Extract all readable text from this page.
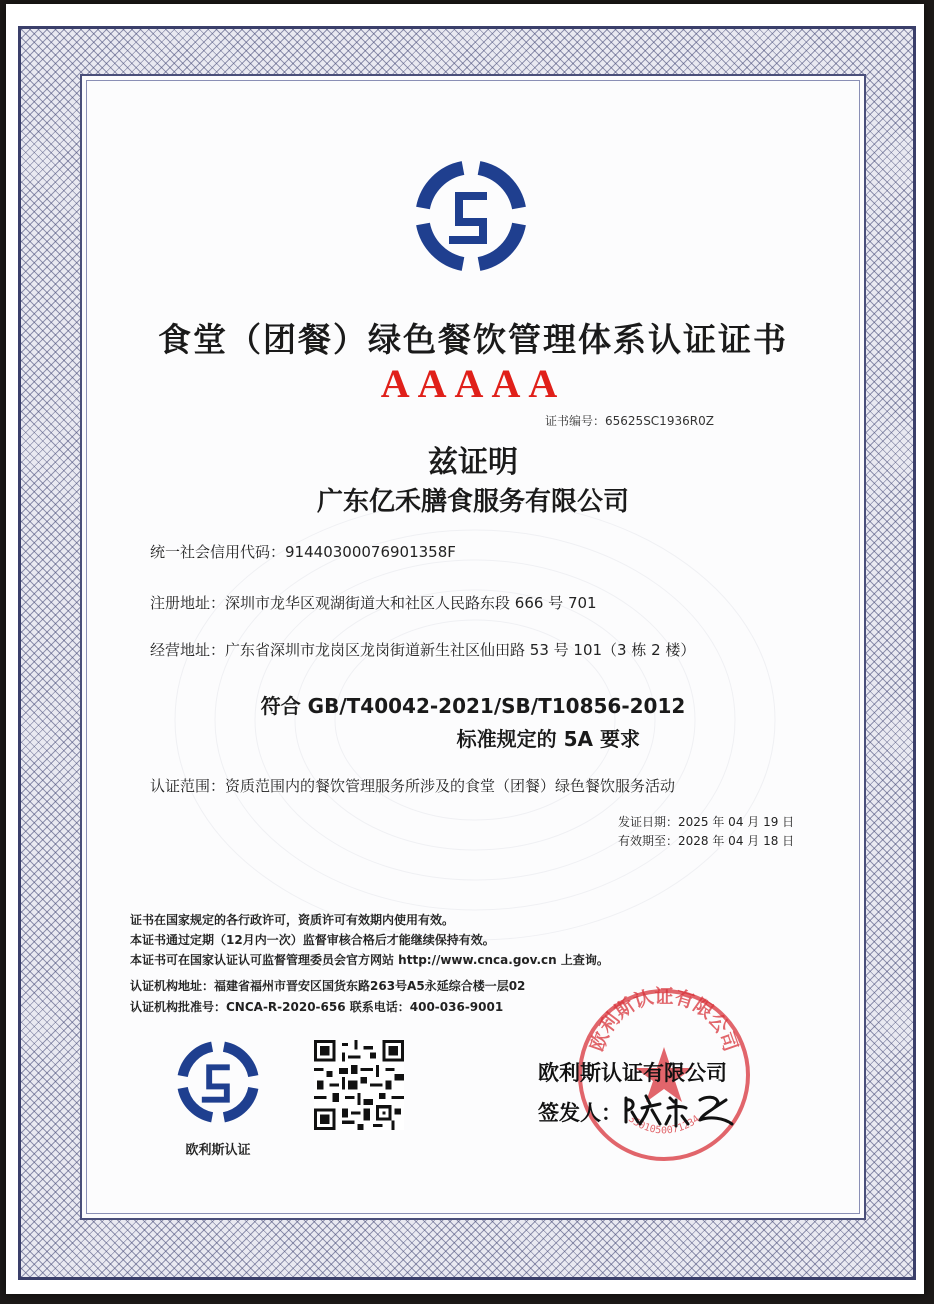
食堂（团餐）绿色餐饮管理体系认证证书
AAAAA
证书编号：65625SC1936R0Z
兹证明
广东亿禾膳食服务有限公司
统一社会信用代码：91440300076901358F
注册地址：深圳市龙华区观湖街道大和社区人民路东段 666 号 701
经营地址：广东省深圳市龙岗区龙岗街道新生社区仙田路 53 号 101（3 栋 2 楼）
符合 GB/T40042-2021/SB/T10856-2012
标准规定的 5A 要求
认证范围：资质范围内的餐饮管理服务所涉及的食堂（团餐）绿色餐饮服务活动
发证日期：2025 年 04 月 19 日
有效期至：2028 年 04 月 18 日
证书在国家规定的各行政许可，资质许可有效期内使用有效。
本证书通过定期（12月内一次）监督审核合格后才能继续保持有效。
本证书可在国家认证认可监督管理委员会官方网站 http://www.cnca.gov.cn 上查询。
认证机构地址：福建省福州市晋安区国货东路263号A5永延综合楼一层02
认证机构批准号：CNCA-R-2020-656 联系电话：400-036-9001
欧利斯认证
欧利斯认证有限公司
3501050071234
欧利斯认证有限公司
签发人：
